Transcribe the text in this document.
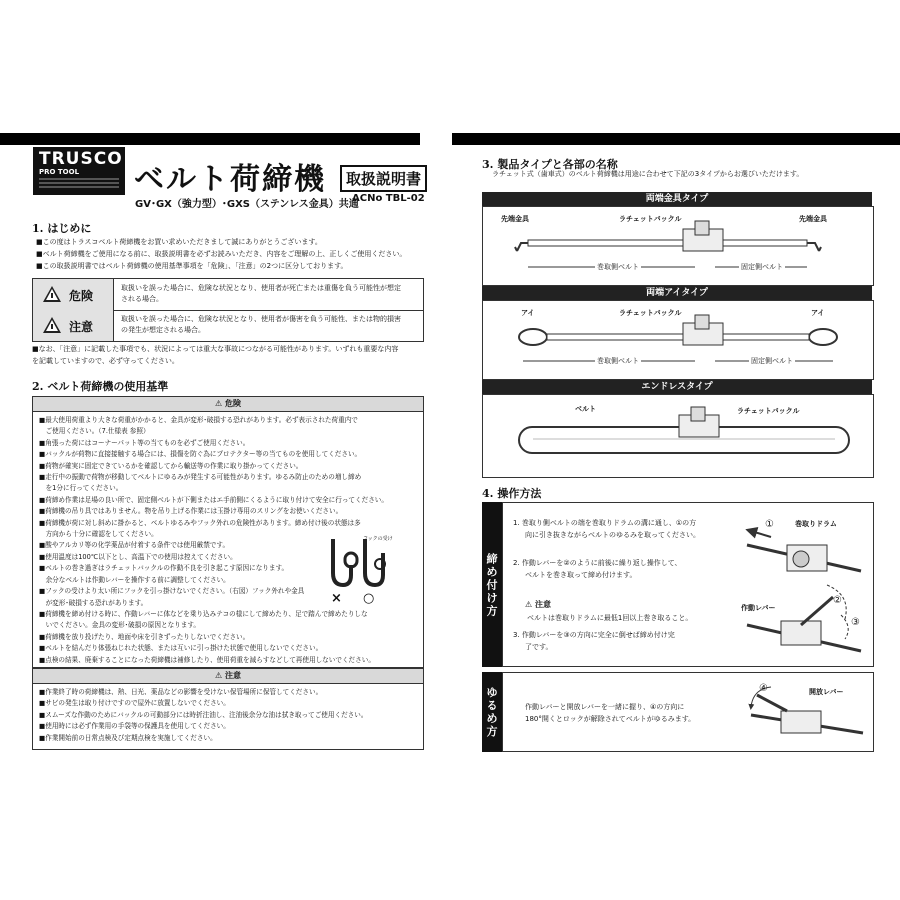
TRUSCO
PRO TOOL ベルト荷締機	取扱説明書
GV･GX（強力型）･GXS（ステンレス金具）共通
ACNo TBL-02
1. はじめに
■この度はトラスコベルト荷締機をお買い求めいただきまして誠にありがとうございます。
■ベルト荷締機をご使用になる前に、取扱説明書を必ずお読みいただき、内容をご理解の上、正しくご使用ください。
■この取扱説明書ではベルト荷締機の使用基準事項を「危険」、「注意」の2つに区分しております。
危険
取扱いを誤った場合に、危険な状況となり、使用者が死亡または重傷を負う可能性が想定
される場合。
注意
取扱いを誤った場合に、危険な状況となり、使用者が傷害を負う可能性、または物的損害
の発生が想定される場合。
■なお、「注意」に記載した事項でも、状況によっては重大な事故につながる可能性があります。いずれも重要な内容
を記載していますので、必ず守ってください。
2. ベルト荷締機の使用基準
⚠ 危険
■最大使用荷重より大きな荷重がかかると、金具が変形･破損する恐れがあります。必ず表示された荷重内で
　ご使用ください。（7.仕様表 参照）
■角張った荷にはコーナーパット等の当てものを必ずご使用ください。
■バックルが荷物に直接接触する場合には、損傷を防ぐ為にプロテクター等の当てものを使用してください。
■荷物が確実に固定できているかを確認してから輸送等の作業に取り掛かってください。
■走行中の振動で荷物が移動してベルトにゆるみが発生する可能性があります。ゆるみ防止のための増し締め
　を1分に行ってください。
■荷締め作業は足場の良い所で、固定側ベルトが下側またはエ手前側にくるように取り付けて安全に行ってください。
■荷締機の吊り具ではありません。物を吊り上げる作業には玉掛け専用のスリングをお使いください。
■荷締機が荷に対し斜めに掛かると、ベルトゆるみやフック外れの危険性があります。締め付け後の状態は多
　方向から十分に確認をしてください。
■酸やアルカリ等の化学薬品が付着する条件では使用厳禁です。
■使用温度は100℃以下とし、高温下での使用は控えてください。
■ベルトの巻き過ぎはラチェットバックルの作動不良を引き起こす原因になります。
　余分なベルトは作動レバーを操作する前に調整してください。
■フックの受けより太い所にフックを引っ掛けないでください。（右図）フック外れや金具
　が変形･破損する恐れがあります。
■荷締機を締め付ける時に、作動レバーに体などを乗り込みテコの様にして締めたり、足で踏んで締めたりしな
　いでください。金具の変形･破損の原因となります。
■荷締機を放り投げたり、地面や床を引きずったりしないでください。
■ベルトを結んだり体張ねじれた状態、または互いに引っ掛けた状態で使用しないでください。
■点検の結果、廃棄することになった荷締機は補修したり、使用荷重を減らすなどして再使用しないでください。
フックの受け
× ○
⚠ 注意
■作業終了時の荷締機は、熱、日光、薬品などの影響を受けない保管場所に保管してください。
■サビの発生は取り付けですので屋外に放置しないでください。
■スムーズな作動のためにバックルの可動部分には時折注油し、注油後余分な油は拭き取ってご使用ください。
■使用時には必ず作業用の手袋等の保護具を使用してください。
■作業開始前の日常点検及び定期点検を実施してください。
3. 製品タイプと各部の名称
ラチェット式（歯車式）のベルト荷締機は用途に合わせて下記の3タイプからお選びいただけます。
両端金具タイプ
先端金具	ラチェットバックル	先端金具
巻取側ベルト	固定側ベルト
両端アイタイプ
アイ	ラチェットバックル	アイ
巻取側ベルト	固定側ベルト
エンドレスタイプ
ベルト	ラチェットバックル
4. 操作方法
締め付け方
1. 巻取り側ベルトの端を巻取りドラムの溝に通し、①の方
向に引き抜きながらベルトのゆるみを取ってください。
2. 作動レバーを②のように前後に繰り返し操作して、
ベルトを巻き取って締め付けます。
⚠ 注意
ベルトは巻取りドラムに最低1回以上巻き取ること。
3. 作動レバーを③の方向に完全に倒せば締め付け完
了です。
①	巻取りドラム
作動レバー
②
③
ゆるめ方
作動レバーと開放レバーを一緒に握り、④の方向に
180°開くとロックが解除されてベルトがゆるみます。
④	開放レバー
